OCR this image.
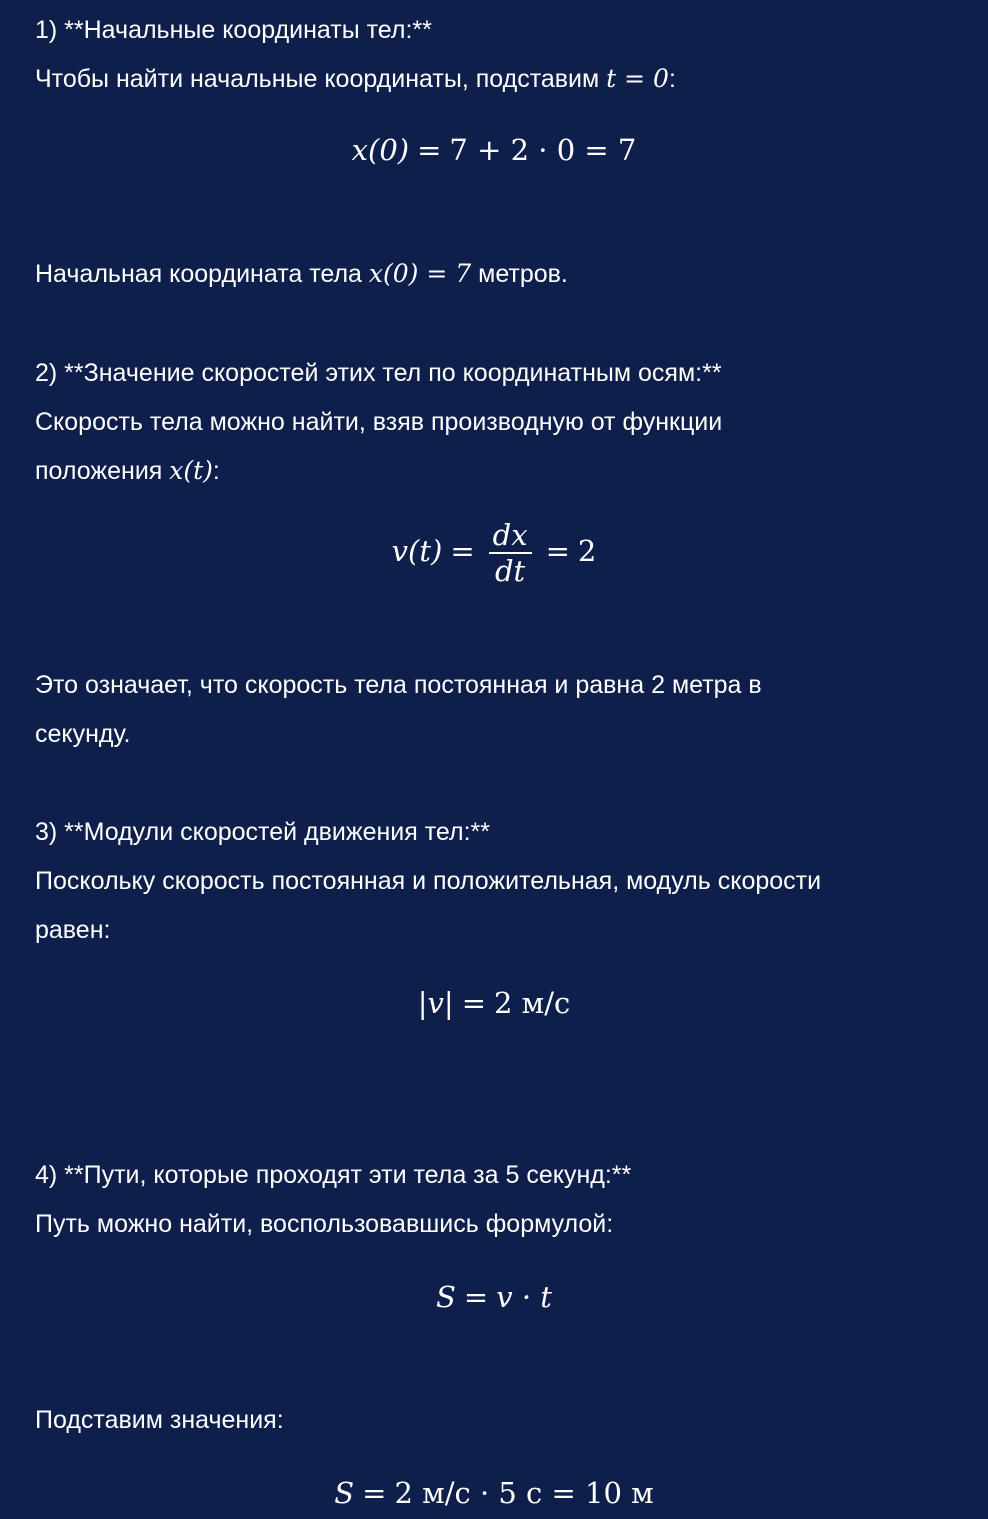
1) **Начальные координаты тел:**
Чтобы найти начальные координаты, подставим t = 0:
x(0) = 7 + 2 · 0 = 7
Начальная координата тела x(0) = 7 метров.
2) **Значение скоростей этих тел по координатным осям:**
Скорость тела можно найти, взяв производную от функции
положения x(t):
$v(t) = \frac{dx}{dt} = 2$
Это означает, что скорость тела постоянная и равна 2 метра в
секунду.
3) **Модули скоростей движения тел:**
Поскольку скорость постоянная и положительная, модуль скорости
равен:
|v| = 2 м/с
4) **Пути, которые проходят эти тела за 5 секунд:**
Путь можно найти, воспользовавшись формулой:
S = v · t
Подставим значения:
S = 2 м/с · 5 с = 10 м
